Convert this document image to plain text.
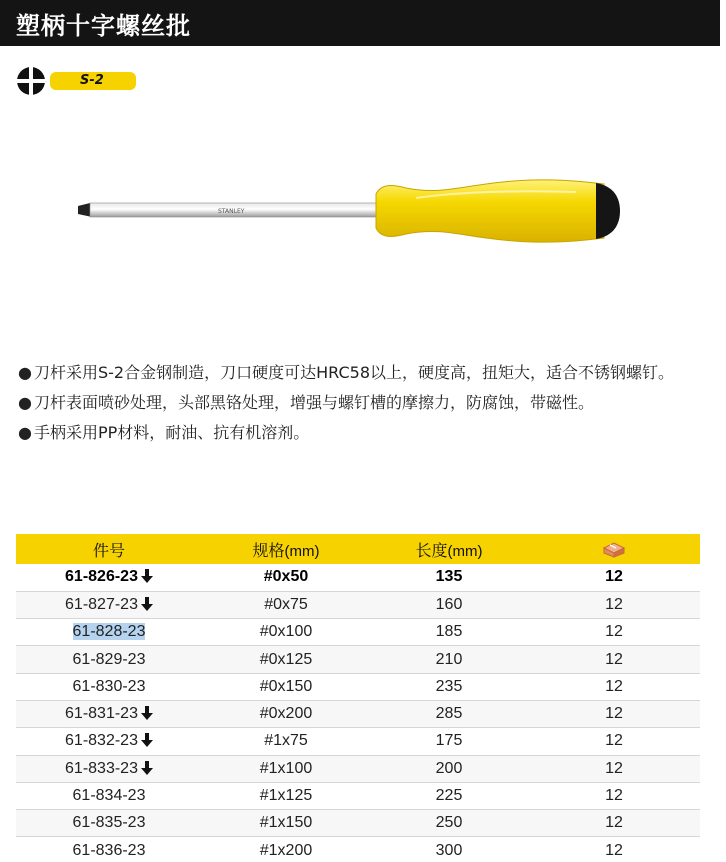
塑柄十字螺丝批
S-2
STANLEY
● 刀杆采用S-2合金钢制造，刀口硬度可达HRC58以上，硬度高，扭矩大，适合不锈钢螺钉。
● 刀杆表面喷砂处理，头部黑铬处理，增强与螺钉槽的摩擦力，防腐蚀，带磁性。
● 手柄采用PP材料，耐油、抗有机溶剂。
件号	规格(mm)	长度(mm)	
61-826-23	#0x50	135	12
61-827-23	#0x75	160	12
61-828-23	#0x100	185	12
61-829-23	#0x125	210	12
61-830-23	#0x150	235	12
61-831-23	#0x200	285	12
61-832-23	#1x75	175	12
61-833-23	#1x100	200	12
61-834-23	#1x125	225	12
61-835-23	#1x150	250	12
61-836-23	#1x200	300	12
